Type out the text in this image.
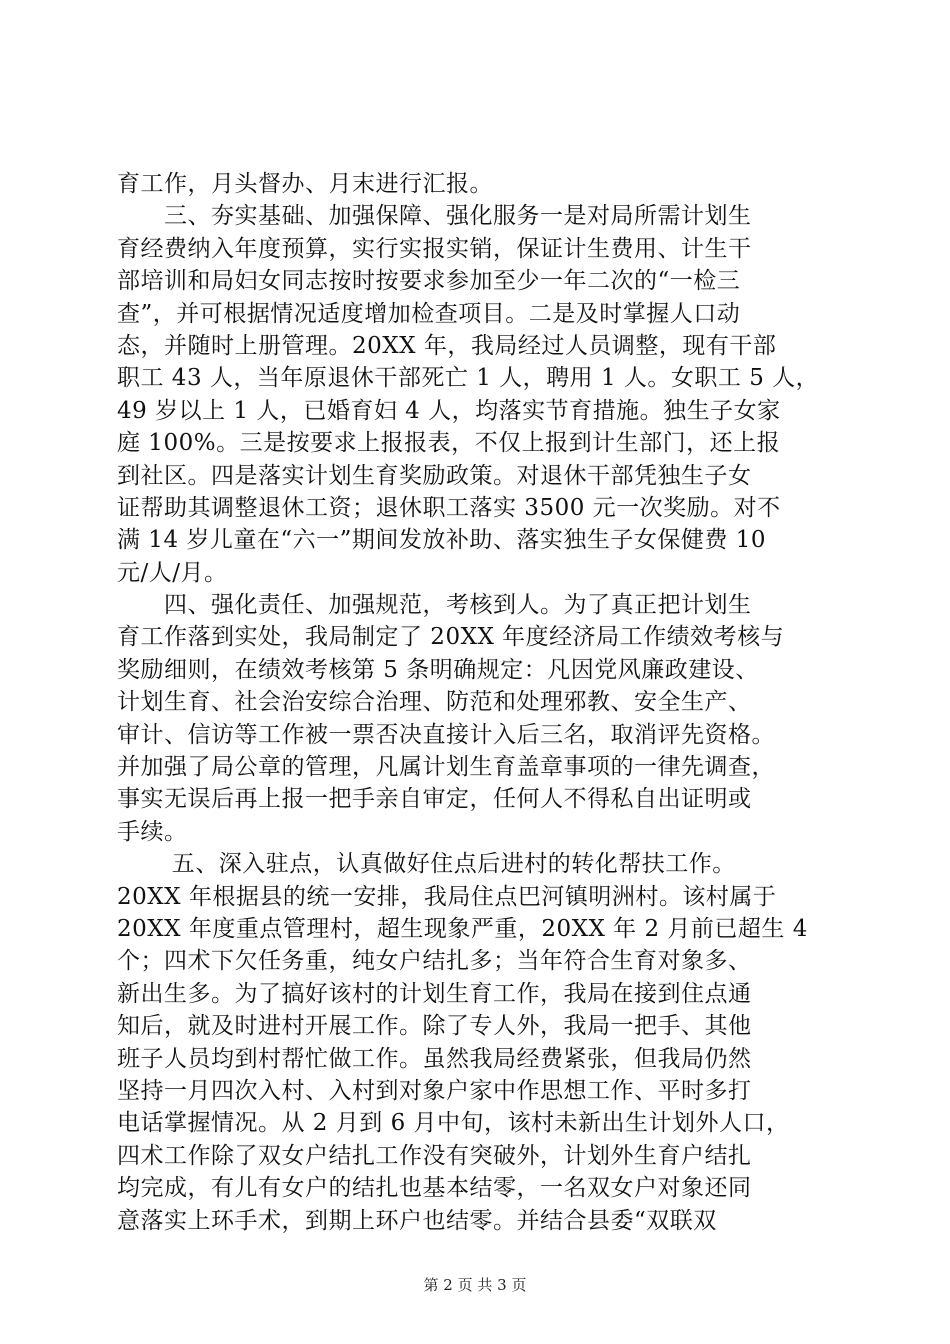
育工作，月头督办、月末进行汇报。
　　三、夯实基础、加强保障、强化服务一是对局所需计划生
育经费纳入年度预算，实行实报实销，保证计生费用、计生干
部培训和局妇女同志按时按要求参加至少一年二次的“一检三
查”，并可根据情况适度增加检查项目。二是及时掌握人口动
态，并随时上册管理。20XX 年，我局经过人员调整，现有干部
职工 43 人，当年原退休干部死亡 1 人，聘用 1 人。女职工 5 人，
49 岁以上 1 人，已婚育妇 4 人，均落实节育措施。独生子女家
庭 100%。三是按要求上报报表，不仅上报到计生部门，还上报
到社区。四是落实计划生育奖励政策。对退休干部凭独生子女
证帮助其调整退休工资；退休职工落实 3500 元一次奖励。对不
满 14 岁儿童在“六一”期间发放补助、落实独生子女保健费 10
元/人/月。
　　四、强化责任、加强规范，考核到人。为了真正把计划生
育工作落到实处，我局制定了 20XX 年度经济局工作绩效考核与
奖励细则，在绩效考核第 5 条明确规定：凡因党风廉政建设、
计划生育、社会治安综合治理、防范和处理邪教、安全生产、
审计、信访等工作被一票否决直接计入后三名，取消评先资格。
并加强了局公章的管理，凡属计划生育盖章事项的一律先调查，
事实无误后再上报一把手亲自审定，任何人不得私自出证明或
手续。
　　 五、深入驻点，认真做好住点后进村的转化帮扶工作。
20XX 年根据县的统一安排，我局住点巴河镇明洲村。该村属于
20XX 年度重点管理村，超生现象严重，20XX 年 2 月前已超生 4
个；四术下欠任务重，纯女户结扎多；当年符合生育对象多、
新出生多。为了搞好该村的计划生育工作，我局在接到住点通
知后，就及时进村开展工作。除了专人外，我局一把手、其他
班子人员均到村帮忙做工作。虽然我局经费紧张，但我局仍然
坚持一月四次入村、入村到对象户家中作思想工作、平时多打
电话掌握情况。从 2 月到 6 月中旬，该村未新出生计划外人口，
四术工作除了双女户结扎工作没有突破外，计划外生育户结扎
均完成，有儿有女户的结扎也基本结零，一名双女户对象还同
意落实上环手术，到期上环户也结零。并结合县委“双联双
第 2 页 共 3 页
